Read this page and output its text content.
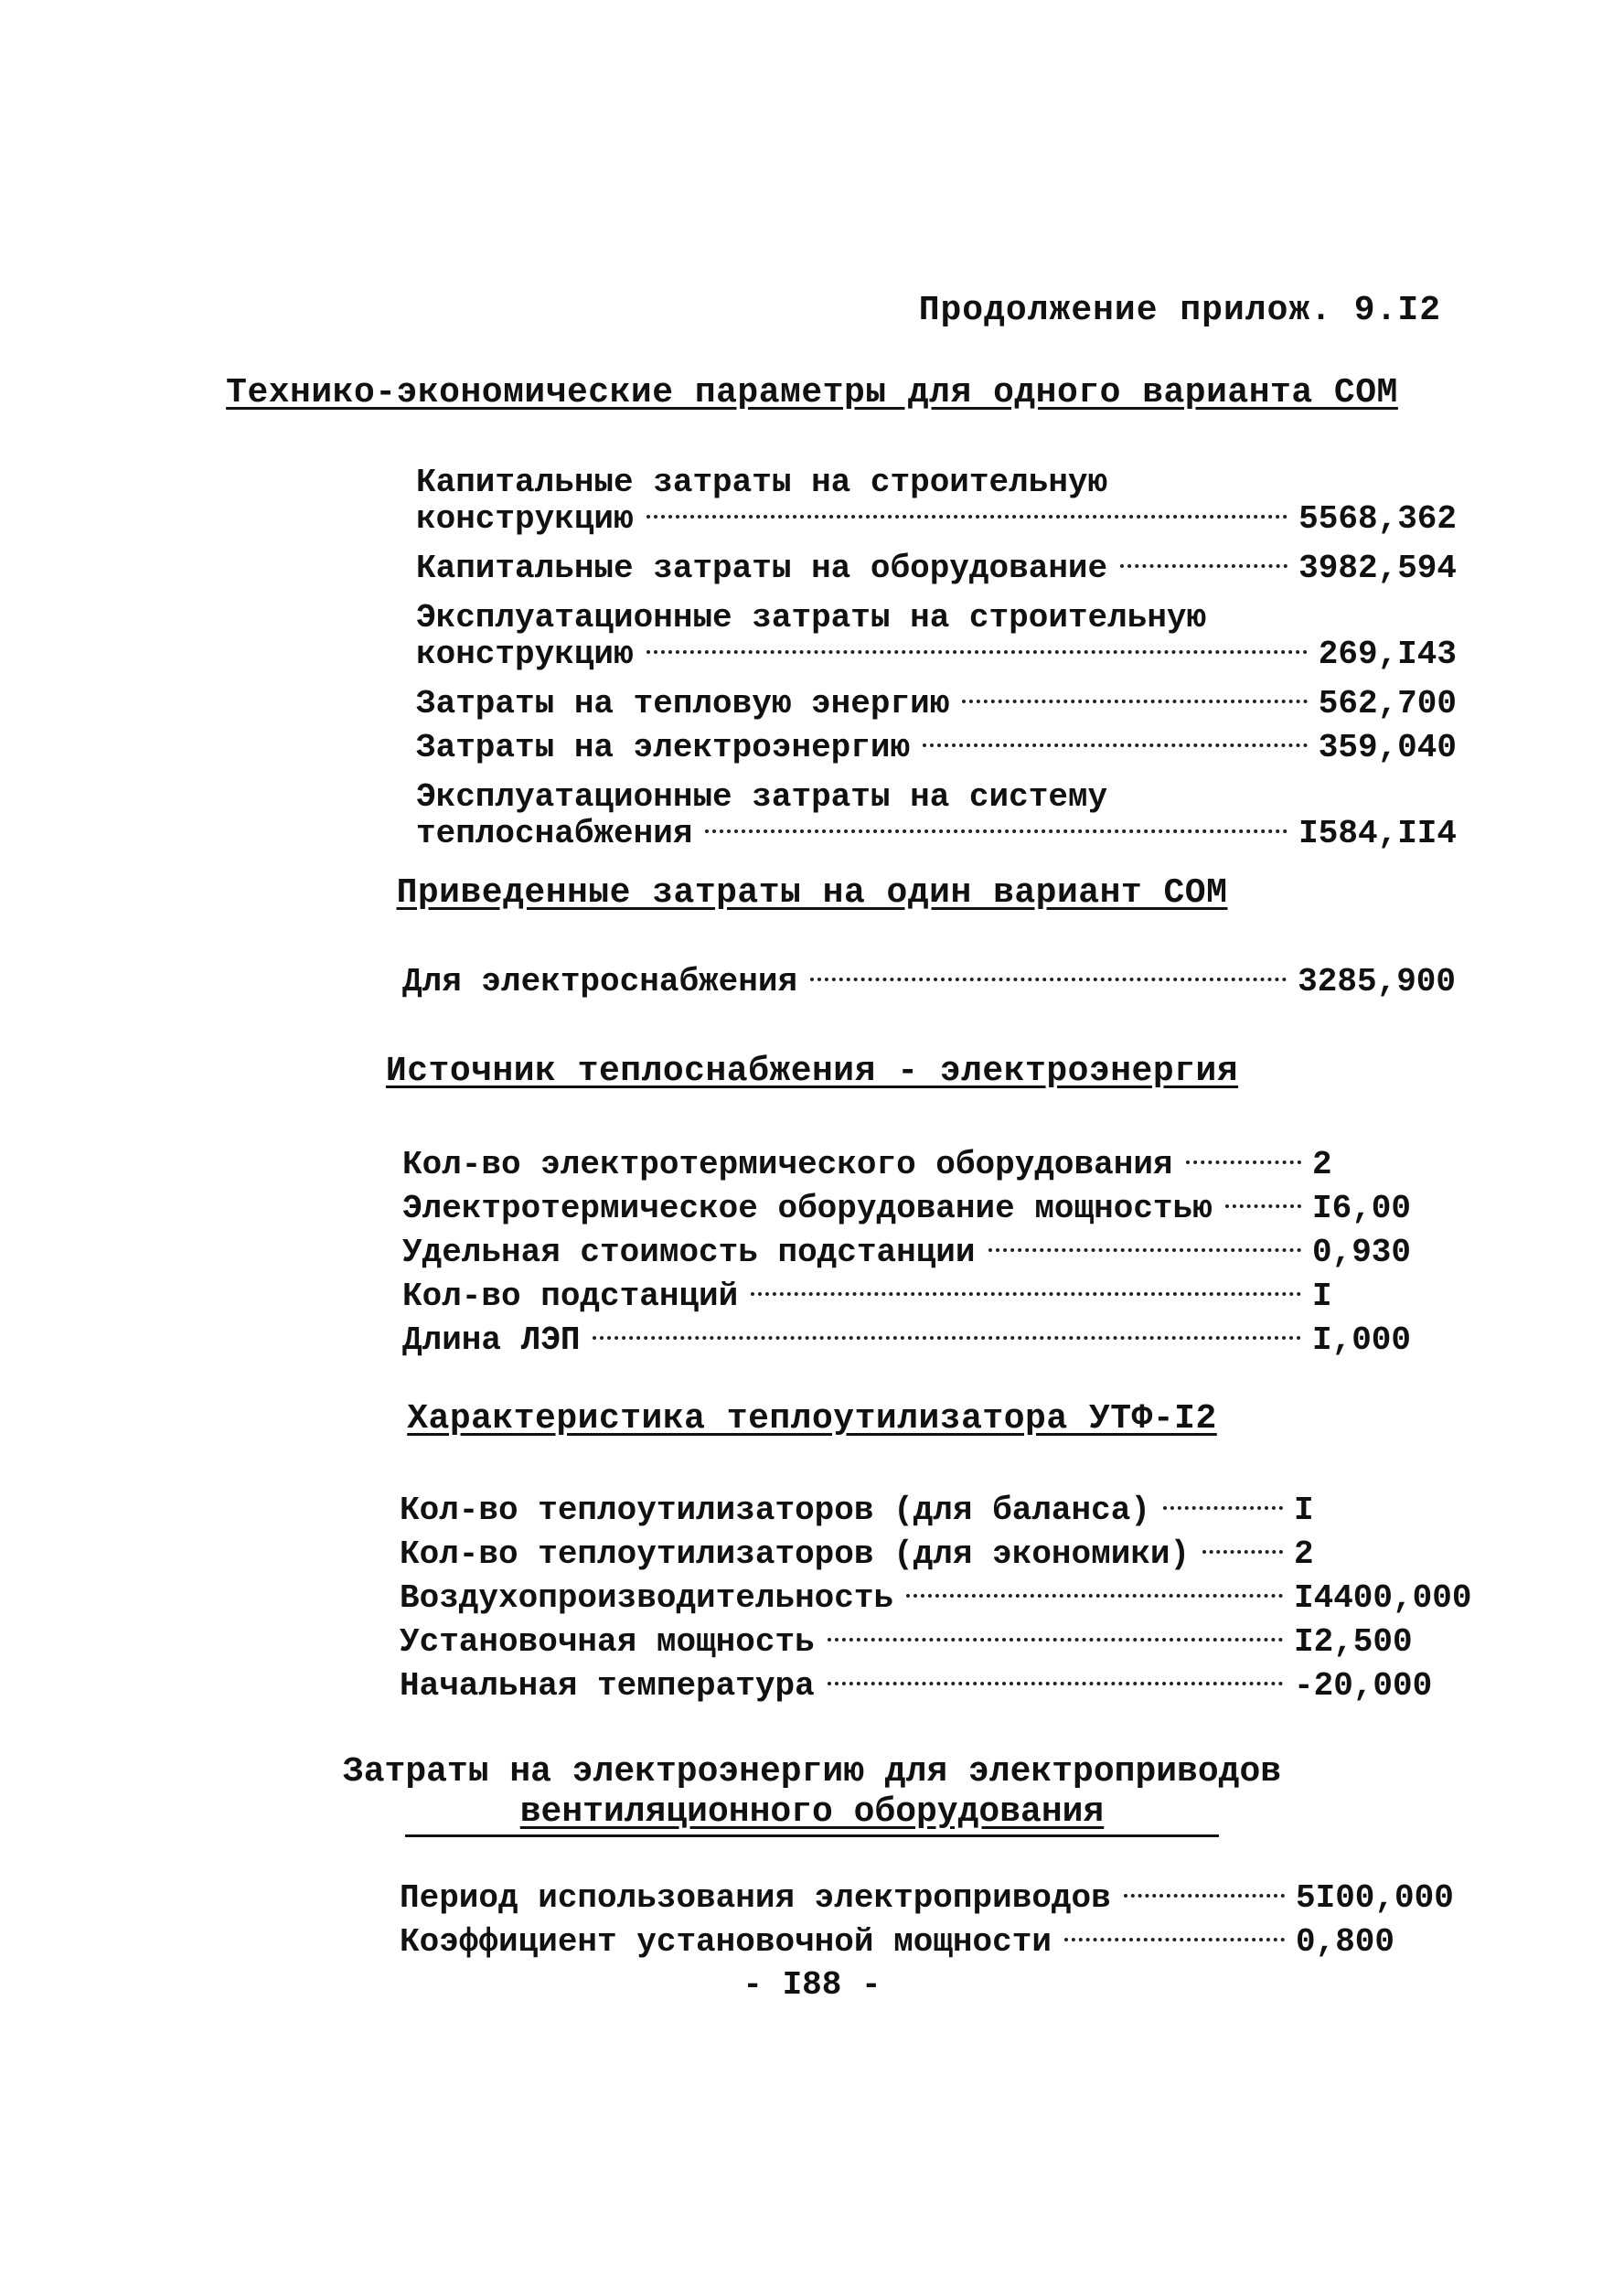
Продолжение прилож. 9.I2
Технико-экономические параметры для одного варианта СОМ
Капитальные затраты на строительную
конструкцию	5568,362
Капитальные затраты на оборудование	3982,594
Эксплуатационные затраты на строительную
конструкцию	269,I43
Затраты на тепловую энергию	562,700
Затраты на электроэнергию	359,040
Эксплуатационные затраты на систему
теплоснабжения	I584,II4
Приведенные затраты на один вариант СОМ
Для электроснабжения	3285,900
Источник теплоснабжения - электроэнергия
Кол-во электротермического оборудования	2
Электротермическое оборудование мощностью	I6,00
Удельная стоимость подстанции	0,930
Кол-во подстанций	I
Длина ЛЭП	I,000
Характеристика теплоутилизатора УТФ-I2
Кол-во теплоутилизаторов (для баланса)	I
Кол-во теплоутилизаторов (для экономики)	2
Воздухопроизводительность	I4400,000
Установочная мощность	I2,500
Начальная температура	-20,000
Затраты на электроэнергию для электроприводов
вентиляционного оборудования
Период использования электроприводов	5I00,000
Коэффициент установочной мощности	0,800
- I88 -
